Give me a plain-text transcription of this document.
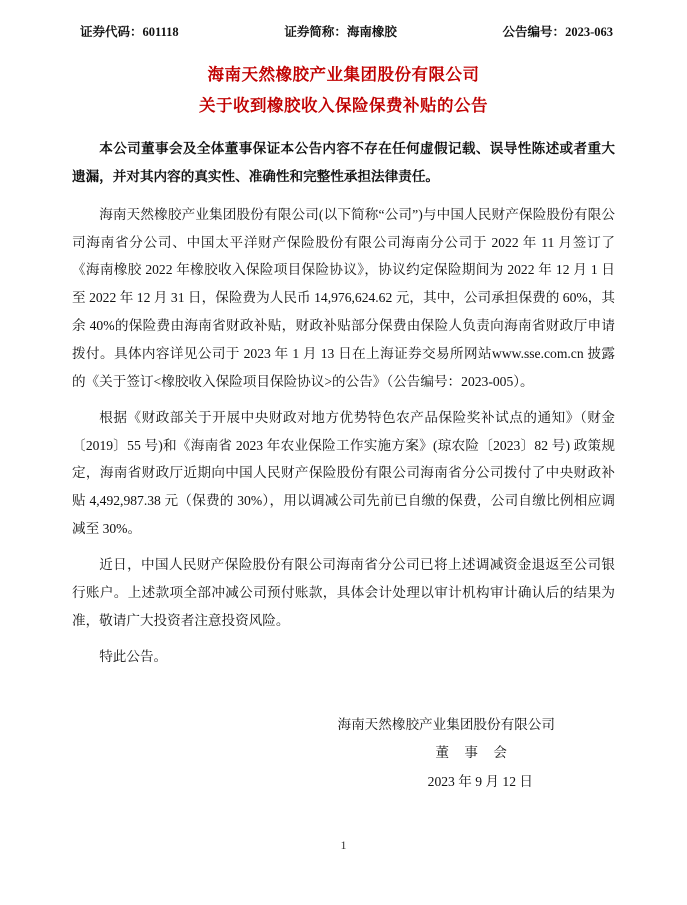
证券代码：601118	证券简称：海南橡胶	公告编号：2023-063
海南天然橡胶产业集团股份有限公司
关于收到橡胶收入保险保费补贴的公告

本公司董事会及全体董事保证本公告内容不存在任何虚假记载、误导性陈述或者重大遗漏，并对其内容的真实性、准确性和完整性承担法律责任。

海南天然橡胶产业集团股份有限公司(以下简称“公司”)与中国人民财产保险股份有限公司海南省分公司、中国太平洋财产保险股份有限公司海南分公司于 2022 年 11 月签订了《海南橡胶 2022 年橡胶收入保险项目保险协议》，协议约定保险期间为 2022 年 12 月 1 日至 2022 年 12 月 31 日，保险费为人民币 14,976,624.62 元，其中，公司承担保费的 60%，其余 40%的保险费由海南省财政补贴，财政补贴部分保费由保险人负责向海南省财政厅申请拨付。具体内容详见公司于 2023 年 1 月 13 日在上海证券交易所网站www.sse.com.cn 披露的《关于签订<橡胶收入保险项目保险协议>的公告》（公告编号：2023-005）。

根据《财政部关于开展中央财政对地方优势特色农产品保险奖补试点的通知》（财金〔2019〕55 号)和《海南省 2023 年农业保险工作实施方案》(琼农险〔2023〕82 号) 政策规定，海南省财政厅近期向中国人民财产保险股份有限公司海南省分公司拨付了中央财政补贴 4,492,987.38 元（保费的 30%），用以调减公司先前已自缴的保费，公司自缴比例相应调减至 30%。

近日，中国人民财产保险股份有限公司海南省分公司已将上述调减资金退返至公司银行账户。上述款项全部冲减公司预付账款，具体会计处理以审计机构审计确认后的结果为准，敬请广大投资者注意投资风险。

特此公告。

海南天然橡胶产业集团股份有限公司
董 事 会
2023 年 9 月 12 日
1
